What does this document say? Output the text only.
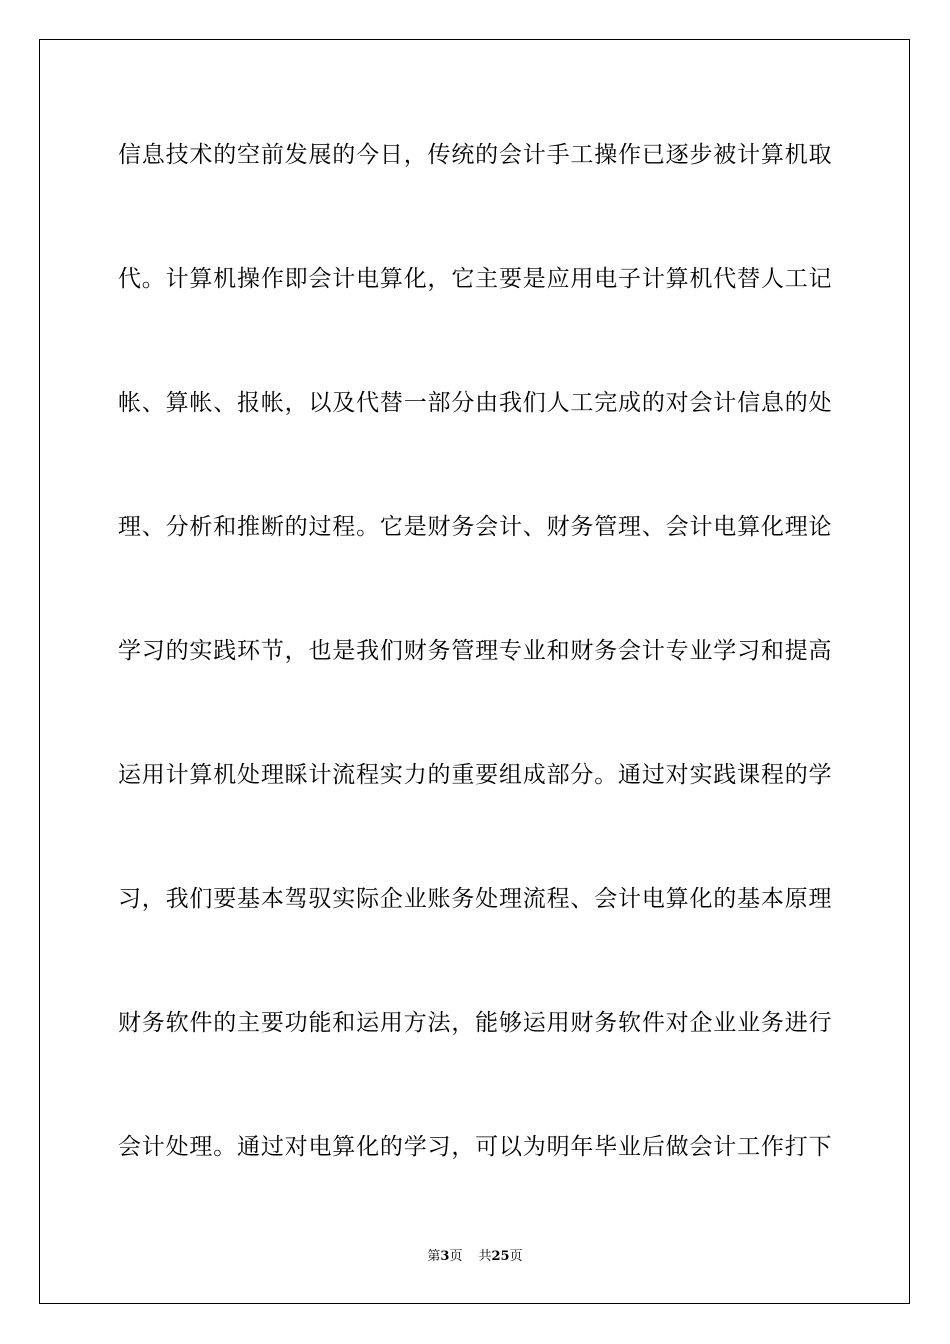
信息技术的空前发展的今日，传统的会计手工操作已逐步被计算机取
代。计算机操作即会计电算化，它主要是应用电子计算机代替人工记
帐、算帐、报帐，以及代替一部分由我们人工完成的对会计信息的处
理、分析和推断的过程。它是财务会计、财务管理、会计电算化理论
学习的实践环节，也是我们财务管理专业和财务会计专业学习和提高
运用计算机处理睬计流程实力的重要组成部分。通过对实践课程的学
习，我们要基本驾驭实际企业账务处理流程、会计电算化的基本原理
财务软件的主要功能和运用方法，能够运用财务软件对企业业务进行
会计处理。通过对电算化的学习，可以为明年毕业后做会计工作打下
第3页 共25页
